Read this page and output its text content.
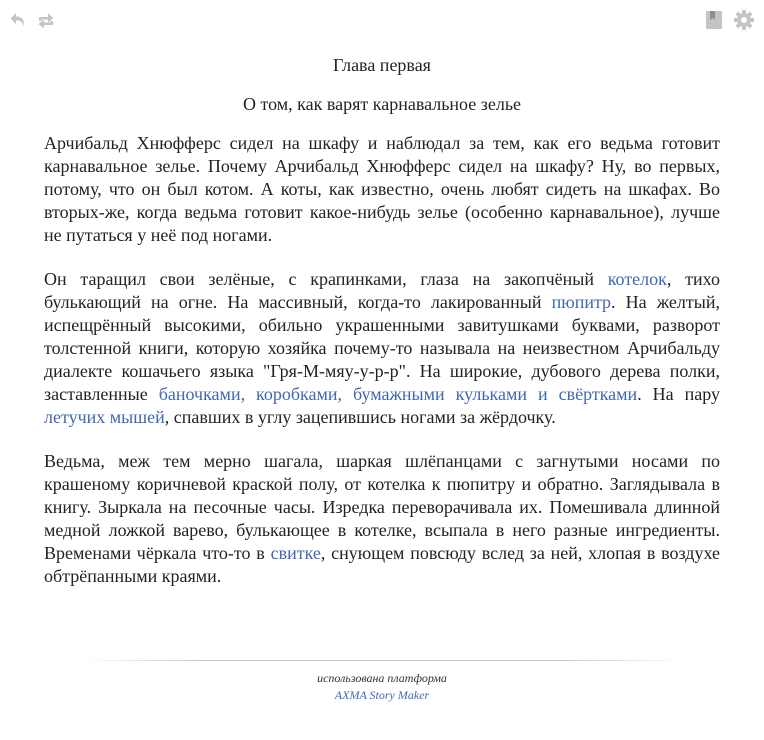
Глава первая
О том, как варят карнавальное зелье

Арчибальд Хнюфферс сидел на шкафу и наблюдал за тем, как его ведьма готовит карнавальное зелье. Почему Арчибальд Хнюфферс сидел на шкафу? Ну, во первых, потому, что он был котом. А коты, как известно, очень любят сидеть на шкафах. Во вторых-же, когда ведьма готовит какое-нибудь зелье (особенно карнавальное), лучше не путаться у неё под ногами.

Он таращил свои зелёные, с крапинками, глаза на закопчёный котелок, тихо булькающий на огне. На массивный, когда-то лакированный пюпитр. На желтый, испещрённый высокими, обильно украшенными завитушками буквами, разворот толстенной книги, которую хозяйка почему-то называла на неизвестном Арчибальду диалекте кошачьего языка "Гря-М-мяу-у-р-р". На широкие, дубового дерева полки, заставленные баночками, коробками, бумажными кульками и свёртками. На пару летучих мышей, спавших в углу зацепившись ногами за жёрдочку.

Ведьма, меж тем мерно шагала, шаркая шлёпанцами с загнутыми носами по крашеному коричневой краской полу, от котелка к пюпитру и обратно. Заглядывала в книгу. Зыркала на песочные часы. Изредка переворачивала их. Помешивала длинной медной ложкой варево, булькающее в котелке, всыпала в него разные ингредиенты. Временами чёркала что-то в свитке, снующем повсюду вслед за ней, хлопая в воздухе обтрёпанными краями.

использована платформа
AXMA Story Maker
